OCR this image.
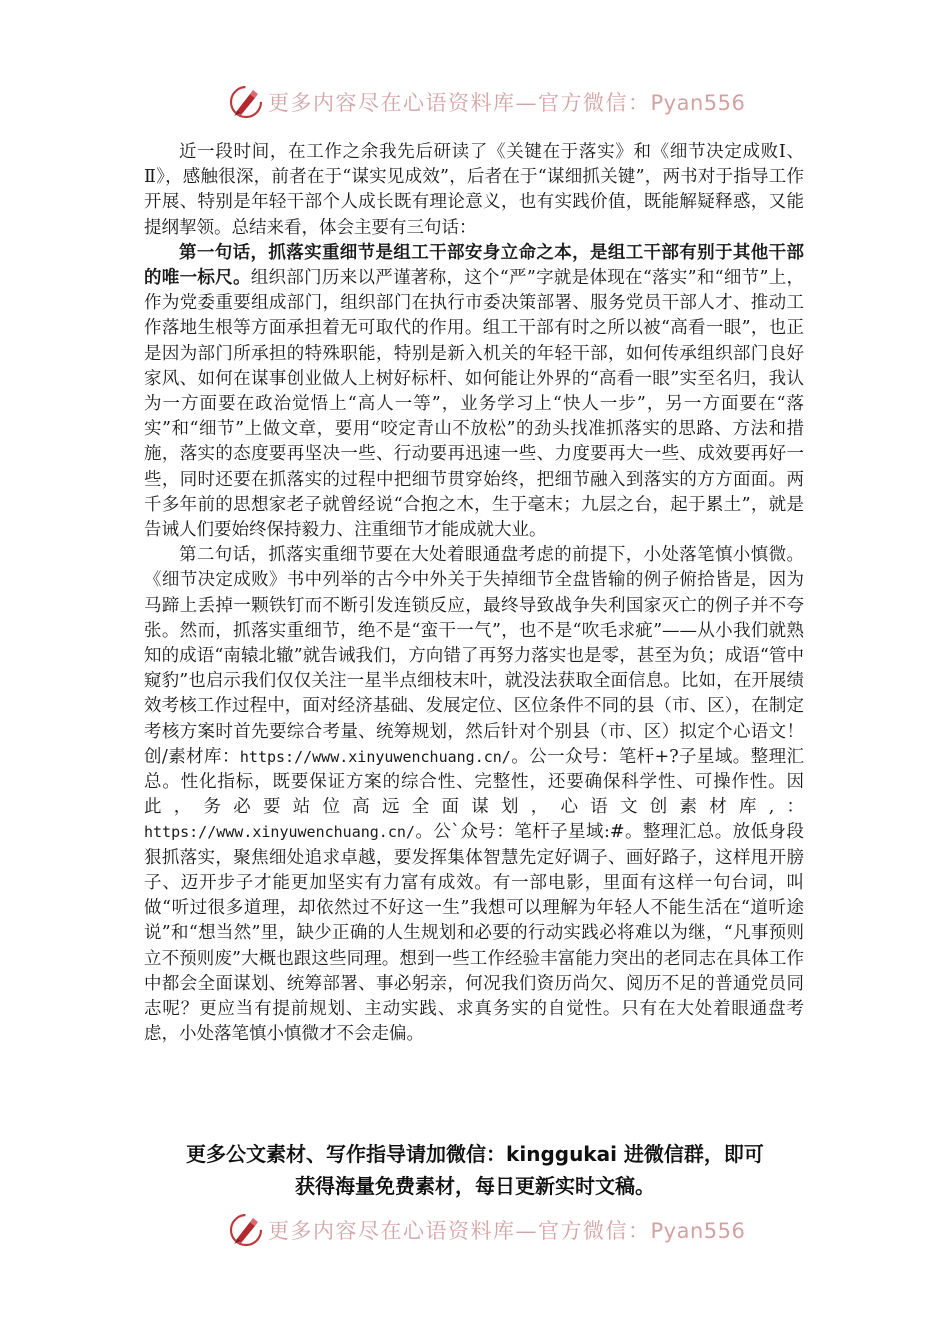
更多内容尽在心语资料库—官方微信：Pyan556

近一段时间，在工作之余我先后研读了《关键在于落实》和《细节决定成败Ⅰ、Ⅱ》，感触很深，前者在于“谋实见成效”，后者在于“谋细抓关键”，两书对于指导工作开展、特别是年轻干部个人成长既有理论意义，也有实践价值，既能解疑释惑，又能提纲挈领。总结来看，体会主要有三句话：

第一句话，抓落实重细节是组工干部安身立命之本，是组工干部有别于其他干部的唯一标尺。组织部门历来以严谨著称，这个“严”字就是体现在“落实”和“细节”上，作为党委重要组成部门，组织部门在执行市委决策部署、服务党员干部人才、推动工作落地生根等方面承担着无可取代的作用。组工干部有时之所以被“高看一眼”，也正是因为部门所承担的特殊职能，特别是新入机关的年轻干部，如何传承组织部门良好家风、如何在谋事创业做人上树好标杆、如何能让外界的“高看一眼”实至名归，我认为一方面要在政治觉悟上“高人一等”，业务学习上“快人一步”，另一方面要在“落实”和“细节”上做文章，要用“咬定青山不放松”的劲头找准抓落实的思路、方法和措施，落实的态度要再坚决一些、行动要再迅速一些、力度要再大一些、成效要再好一些，同时还要在抓落实的过程中把细节贯穿始终，把细节融入到落实的方方面面。两千多年前的思想家老子就曾经说“合抱之木，生于毫末；九层之台，起于累土”，就是告诫人们要始终保持毅力、注重细节才能成就大业。

第二句话，抓落实重细节要在大处着眼通盘考虑的前提下，小处落笔慎小慎微。《细节决定成败》书中列举的古今中外关于失掉细节全盘皆输的例子俯拾皆是，因为马蹄上丢掉一颗铁钉而不断引发连锁反应，最终导致战争失利国家灭亡的例子并不夸张。然而，抓落实重细节，绝不是“蛮干一气”，也不是“吹毛求疵”——从小我们就熟知的成语“南辕北辙”就告诫我们，方向错了再努力落实也是零，甚至为负；成语“管中窥豹”也启示我们仅仅关注一星半点细枝末叶，就没法获取全面信息。比如，在开展绩效考核工作过程中，面对经济基础、发展定位、区位条件不同的县（市、区），在制定考核方案时首先要综合考量、统筹规划，然后针对个别县（市、区）拟定个心语文！创/素材库：https://www.xinyuwenchuang.cn/。公一众号：笔杆+?子星域。整理汇总。性化指标，既要保证方案的综合性、完整性，还要确保科学性、可操作性。因此，务必要站位高远全面谋划，心语文创素材库,：https://www.xinyuwenchuang.cn/。公`众号：笔杆子星域:#。整理汇总。放低身段狠抓落实，聚焦细处追求卓越，要发挥集体智慧先定好调子、画好路子，这样甩开膀子、迈开步子才能更加坚实有力富有成效。有一部电影，里面有这样一句台词，叫做“听过很多道理，却依然过不好这一生”我想可以理解为年轻人不能生活在“道听途说”和“想当然”里，缺少正确的人生规划和必要的行动实践必将难以为继，“凡事预则立不预则废”大概也跟这些同理。想到一些工作经验丰富能力突出的老同志在具体工作中都会全面谋划、统筹部署、事必躬亲，何况我们资历尚欠、阅历不足的普通党员同志呢？更应当有提前规划、主动实践、求真务实的自觉性。只有在大处着眼通盘考虑，小处落笔慎小慎微才不会走偏。

更多公文素材、写作指导请加微信：kinggukai 进微信群，即可
获得海量免费素材，每日更新实时文稿。
更多内容尽在心语资料库—官方微信：Pyan556
